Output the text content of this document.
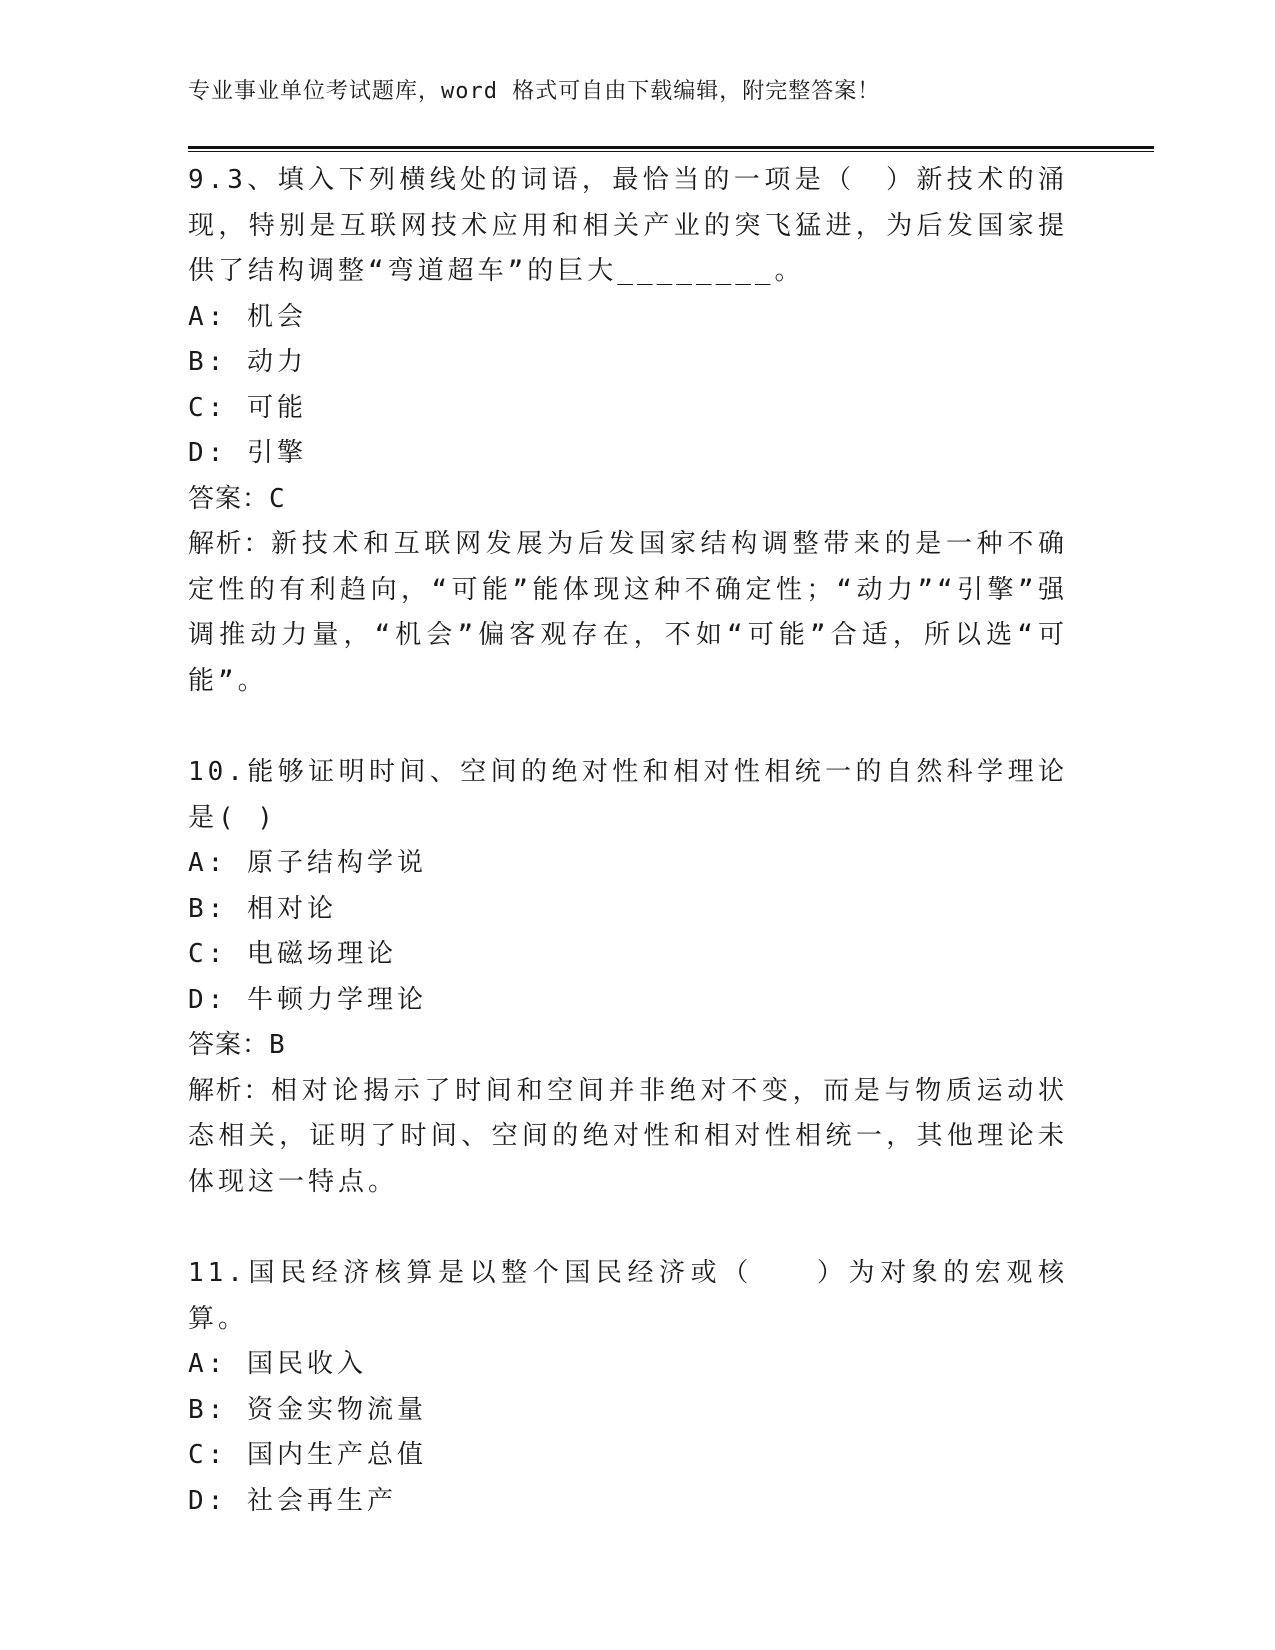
专业事业单位考试题库，word 格式可自由下载编辑，附完整答案！

9.3、填入下列横线处的词语，最恰当的一项是（　）新技术的涌现，特别是互联网技术应用和相关产业的突飞猛进，为后发国家提供了结构调整“弯道超车”的巨大________。

A: 机会

B: 动力

C: 可能

D: 引擎

答案：C

解析：新技术和互联网发展为后发国家结构调整带来的是一种不确定性的有利趋向，“可能”能体现这种不确定性；“动力”“引擎”强调推动力量，“机会”偏客观存在，不如“可能”合适，所以选“可能”。

10.能够证明时间、空间的绝对性和相对性相统一的自然科学理论是( )

A: 原子结构学说

B: 相对论

C: 电磁场理论

D: 牛顿力学理论

答案：B

解析：相对论揭示了时间和空间并非绝对不变，而是与物质运动状态相关，证明了时间、空间的绝对性和相对性相统一，其他理论未体现这一特点。

11.国民经济核算是以整个国民经济或（　　）为对象的宏观核算。

A: 国民收入

B: 资金实物流量

C: 国内生产总值

D: 社会再生产
